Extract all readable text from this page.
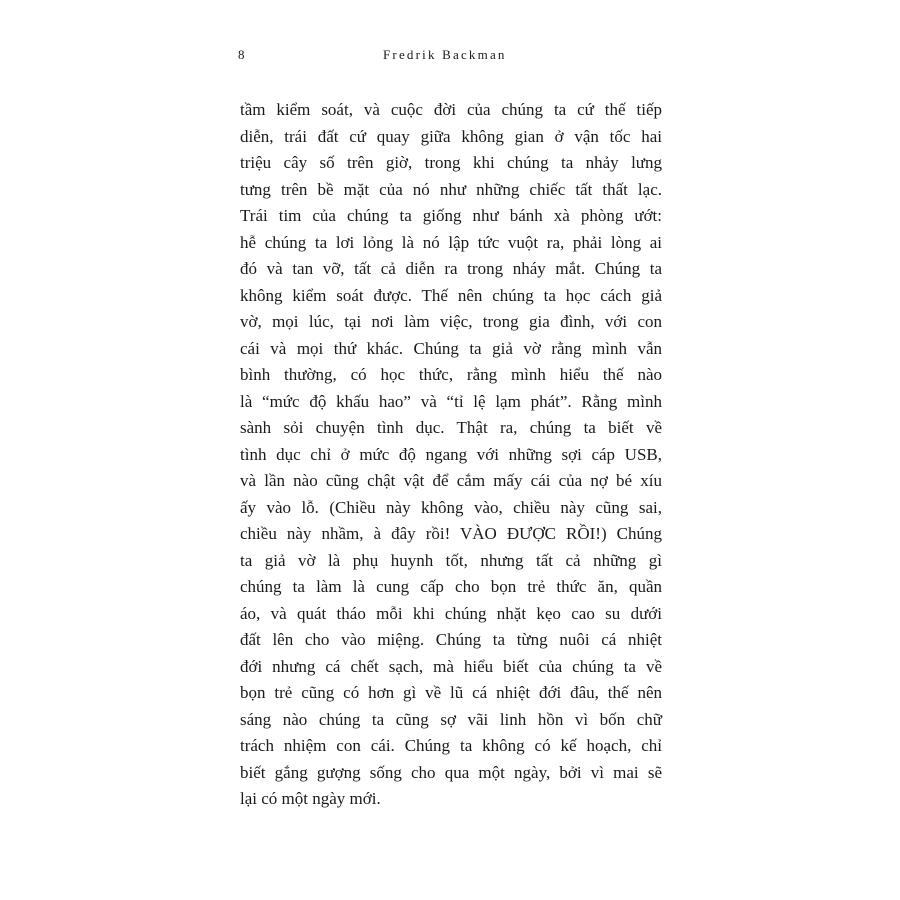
8	Fredrik Backman
tầm kiểm soát, và cuộc đời của chúng ta cứ thế tiếp
diễn, trái đất cứ quay giữa không gian ở vận tốc hai
triệu cây số trên giờ, trong khi chúng ta nhảy lưng
tưng trên bề mặt của nó như những chiếc tất thất lạc.
Trái tim của chúng ta giống như bánh xà phòng ướt:
hễ chúng ta lơi lỏng là nó lập tức vuột ra, phải lòng ai
đó và tan vỡ, tất cả diễn ra trong nháy mắt. Chúng ta
không kiểm soát được. Thế nên chúng ta học cách giả
vờ, mọi lúc, tại nơi làm việc, trong gia đình, với con
cái và mọi thứ khác. Chúng ta giả vờ rằng mình vẫn
bình thường, có học thức, rằng mình hiểu thế nào
là “mức độ khấu hao” và “tỉ lệ lạm phát”. Rằng mình
sành sỏi chuyện tình dục. Thật ra, chúng ta biết về
tình dục chỉ ở mức độ ngang với những sợi cáp USB,
và lần nào cũng chật vật để cắm mấy cái của nợ bé xíu
ấy vào lỗ. (Chiều này không vào, chiều này cũng sai,
chiều này nhầm, à đây rồi! VÀO ĐƯỢC RỒI!) Chúng
ta giả vờ là phụ huynh tốt, nhưng tất cả những gì
chúng ta làm là cung cấp cho bọn trẻ thức ăn, quần
áo, và quát tháo mỗi khi chúng nhặt kẹo cao su dưới
đất lên cho vào miệng. Chúng ta từng nuôi cá nhiệt
đới nhưng cá chết sạch, mà hiểu biết của chúng ta về
bọn trẻ cũng có hơn gì về lũ cá nhiệt đới đâu, thế nên
sáng nào chúng ta cũng sợ vãi linh hồn vì bốn chữ
trách nhiệm con cái. Chúng ta không có kế hoạch, chỉ
biết gắng gượng sống cho qua một ngày, bởi vì mai sẽ
lại có một ngày mới.
